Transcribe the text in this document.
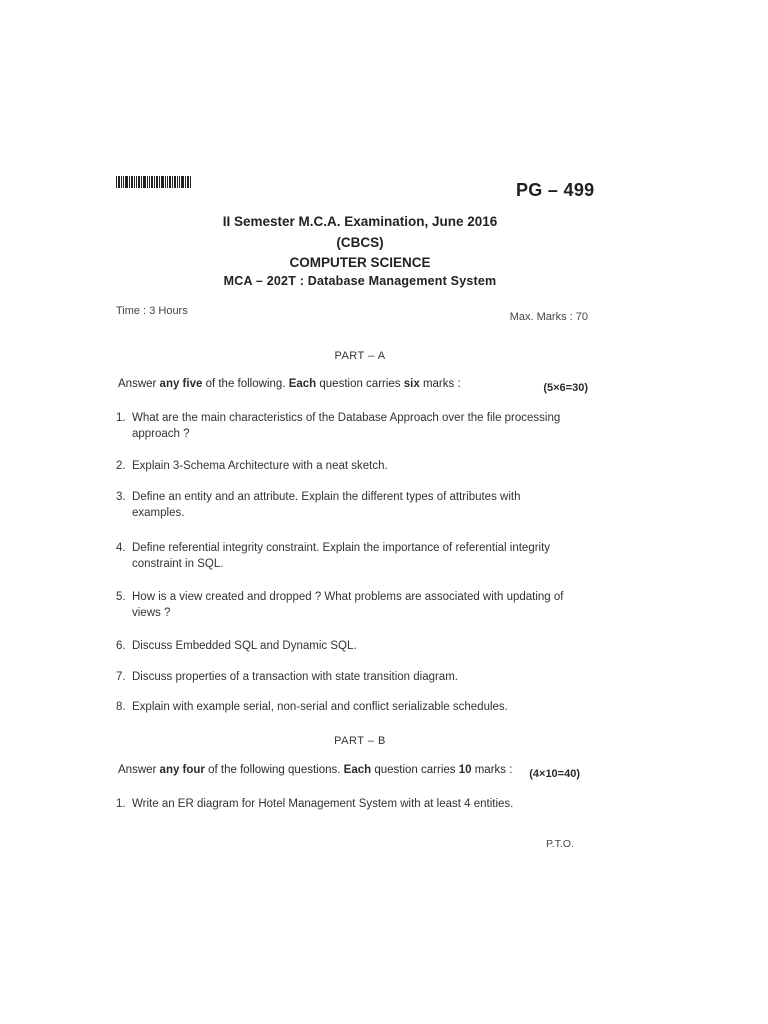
PG – 499
II Semester M.C.A. Examination, June 2016
(CBCS)
COMPUTER SCIENCE
MCA – 202T : Database Management System
Time : 3 Hours	Max. Marks : 70
PART – A
Answer any five of the following. Each question carries six marks :	(5×6=30)
1. What are the main characteristics of the Database Approach over the file processing approach ?
2. Explain 3-Schema Architecture with a neat sketch.
3. Define an entity and an attribute. Explain the different types of attributes with examples.
4. Define referential integrity constraint. Explain the importance of referential integrity constraint in SQL.
5. How is a view created and dropped ? What problems are associated with updating of views ?
6. Discuss Embedded SQL and Dynamic SQL.
7. Discuss properties of a transaction with state transition diagram.
8. Explain with example serial, non-serial and conflict serializable schedules.
PART – B
Answer any four of the following questions. Each question carries 10 marks : (4×10=40)
1. Write an ER diagram for Hotel Management System with at least 4 entities.
P.T.O.
